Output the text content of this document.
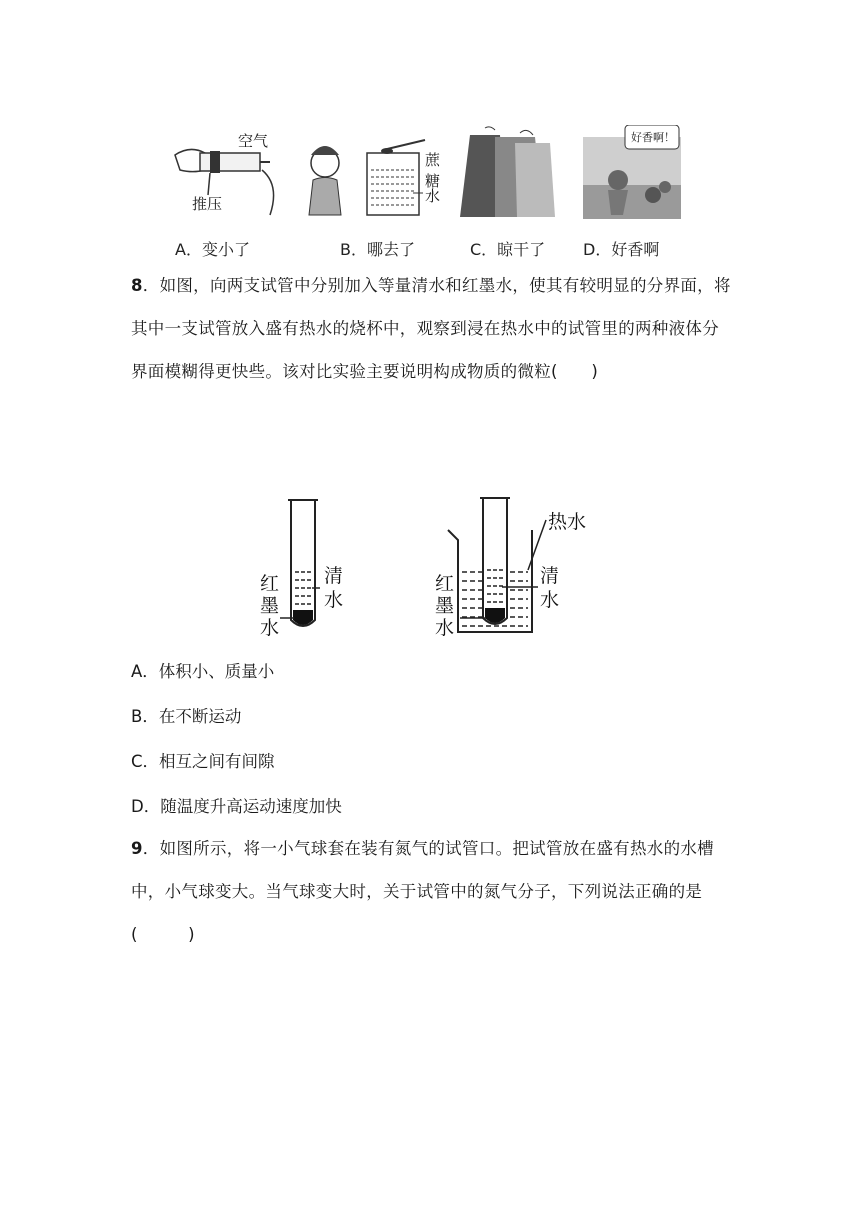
空气
推压
A．变小了
蔗糖
水
B．哪去了	C．晾干了
好香啊！
D．好香啊
8．如图，向两支试管中分别加入等量清水和红墨水，使其有较明显的分界面，将其中一支试管放入盛有热水的烧杯中，观察到浸在热水中的试管里的两种液体分界面模糊得更快些。该对比实验主要说明构成物质的微粒(　　)
清
水
红
墨
水
热水
清
水
红
墨
水
A．体积小、质量小
B．在不断运动
C．相互之间有间隙
D．随温度升高运动速度加快
9．如图所示，将一小气球套在装有氮气的试管口。把试管放在盛有热水的水槽中，小气球变大。当气球变大时，关于试管中的氮气分子，下列说法正确的是(　　　)
